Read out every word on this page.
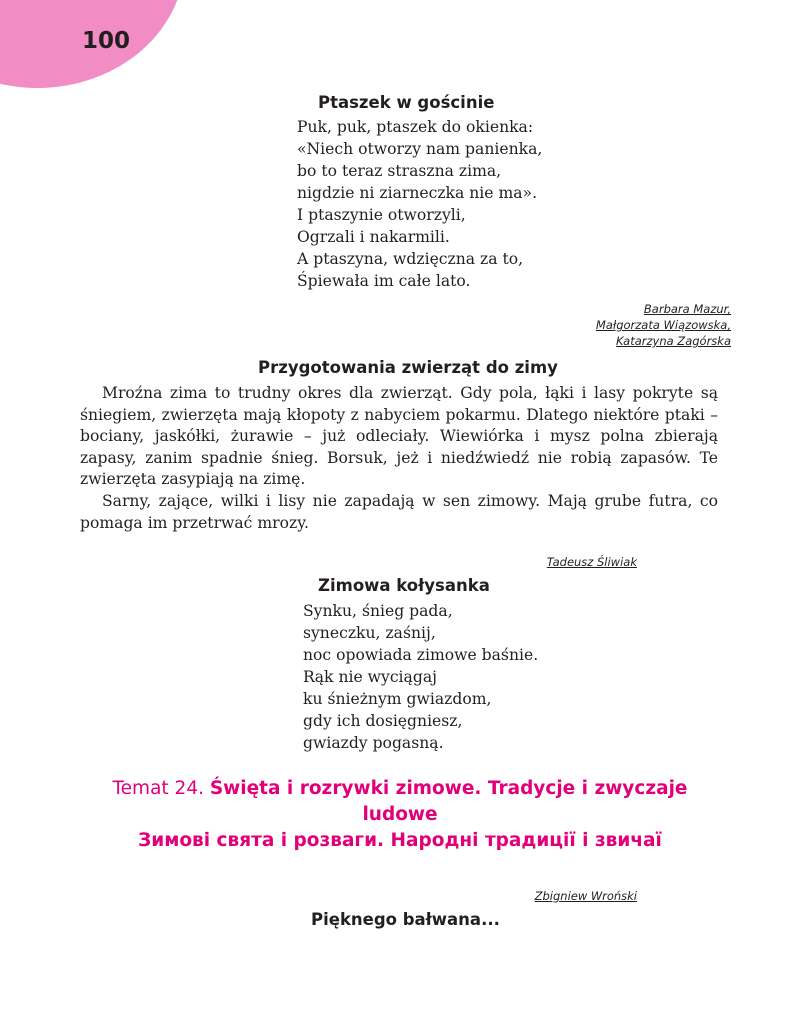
100
Ptaszek w gościnie
Puk, puk, ptaszek do okienka:
«Niech otworzy nam panienka,
bo to teraz straszna zima,
nigdzie ni ziarneczka nie ma».
I ptaszynie otworzyli,
Ogrzali i nakarmili.
A ptaszyna, wdzięczna za to,
Śpiewała im całe lato.
Barbara Mazur,
Małgorzata Wiązowska,
Katarzyna Zagórska
Przygotowania zwierząt do zimy

Mroźna zima to trudny okres dla zwierząt. Gdy pola, łąki i lasy pokryte są śniegiem, zwierzęta mają kłopoty z nabyciem pokarmu. Dlatego niektóre ptaki – bociany, jaskółki, żurawie – już odleciały. Wiewiórka i mysz polna zbierają zapasy, zanim spadnie śnieg. Borsuk, jeż i niedźwiedź nie robią zapasów. Te zwierzęta zasypiają na zimę.

Sarny, zające, wilki i lisy nie zapadają w sen zimowy. Mają grube futra, co pomaga im przetrwać mrozy.

Tadeusz Śliwiak
Zimowa kołysanka
Synku, śnieg pada,
syneczku, zaśnij,
noc opowiada zimowe baśnie.
Rąk nie wyciągaj
ku śnieżnym gwiazdom,
gdy ich dosięgniesz,
gwiazdy pogasną.
Temat 24. Święta i rozrywki zimowe. Tradycje i zwyczaje ludowe
Зимові свята і розваги. Народні традиції і звичаї
Zbigniew Wroński
Pięknego bałwana...
